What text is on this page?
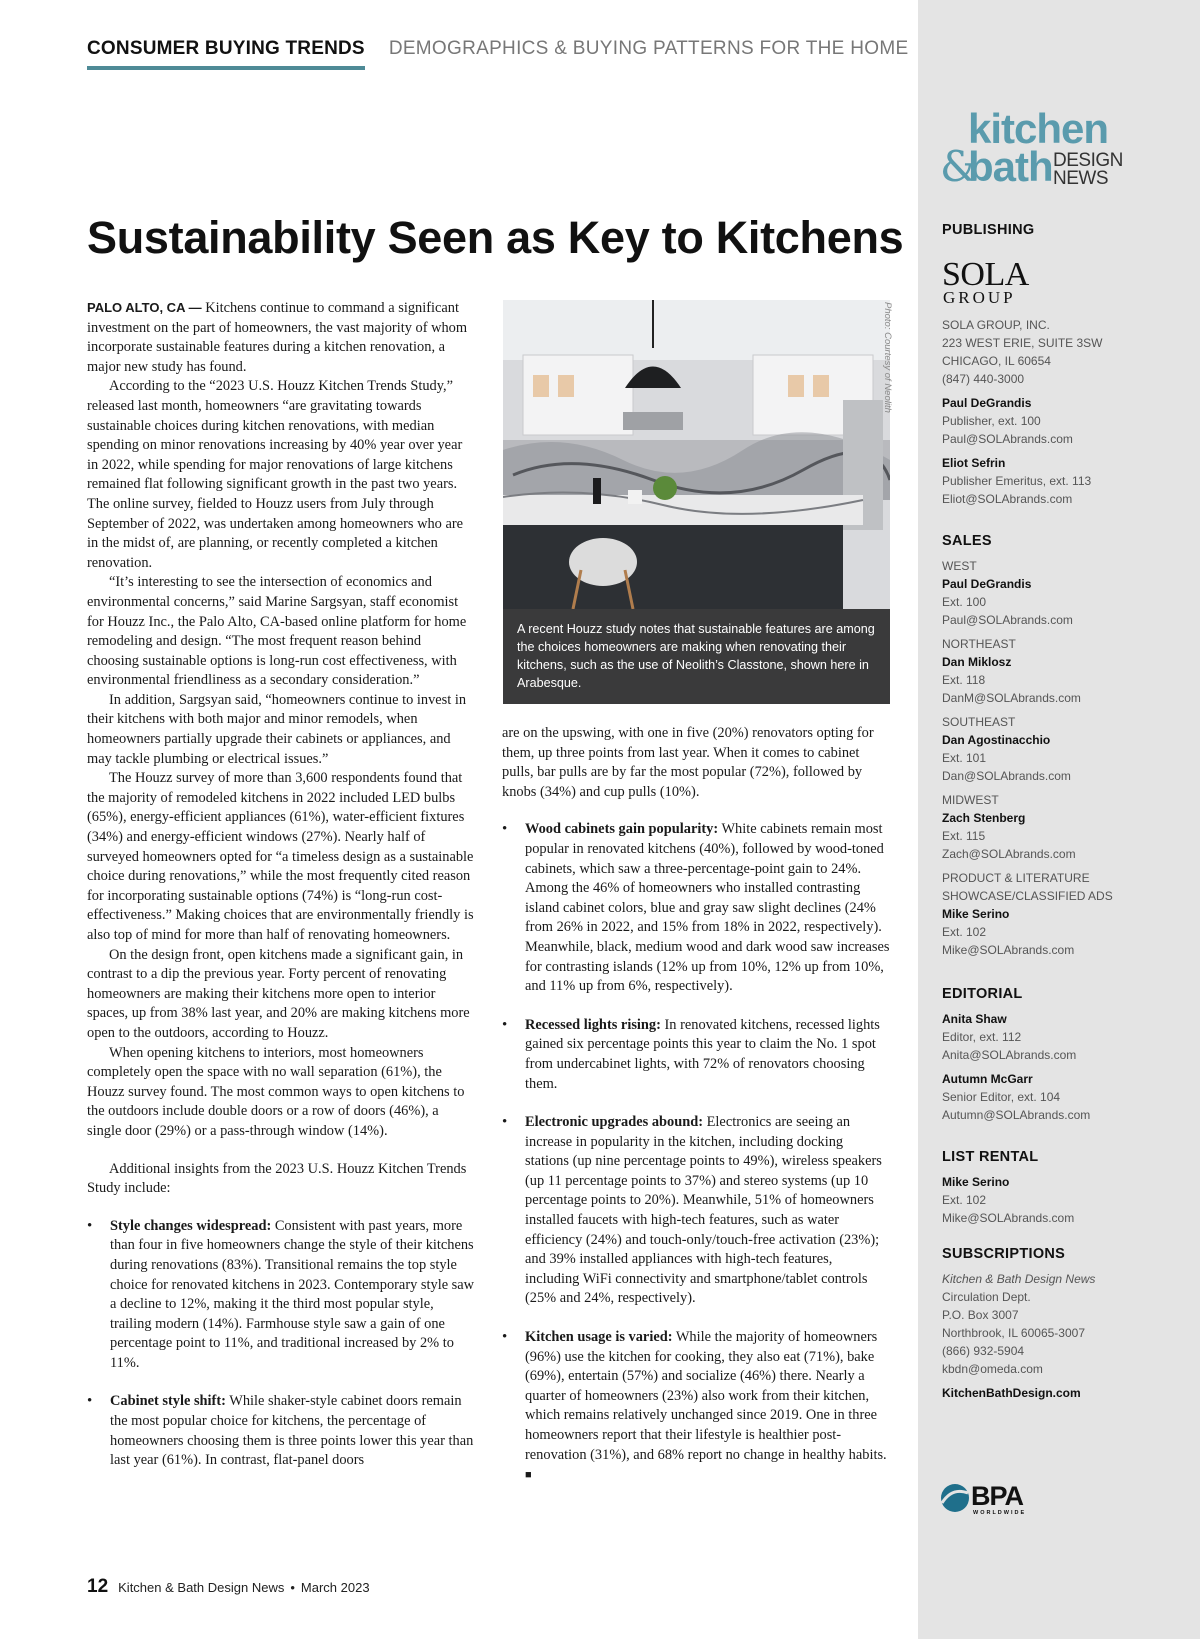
CONSUMER BUYING TRENDS DEMOGRAPHICS & BUYING PATTERNS FOR THE HOME
Sustainability Seen as Key to Kitchens

PALO ALTO, CA — Kitchens continue to command a significant investment on the part of homeowners, the vast majority of whom incorporate sustainable features during a kitchen renovation, a major new study has found.

According to the “2023 U.S. Houzz Kitchen Trends Study,” released last month, homeowners “are gravitating towards sustainable choices during kitchen renovations, with median spending on minor renovations increasing by 40% year over year in 2022, while spending for major renovations of large kitchens remained flat following significant growth in the past two years. The online survey, fielded to Houzz users from July through September of 2022, was undertaken among homeowners who are in the midst of, are planning, or recently completed a kitchen renovation.

“It’s interesting to see the intersection of economics and environmental concerns,” said Marine Sargsyan, staff economist for Houzz Inc., the Palo Alto, CA-based online platform for home remodeling and design. “The most frequent reason behind choosing sustainable options is long-run cost effectiveness, with environmental friendliness as a secondary consideration.”

In addition, Sargsyan said, “homeowners continue to invest in their kitchens with both major and minor remodels, when homeowners partially upgrade their cabinets or appliances, and may tackle plumbing or electrical issues.”

The Houzz survey of more than 3,600 respondents found that the majority of remodeled kitchens in 2022 included LED bulbs (65%), energy-efficient appliances (61%), water-efficient fixtures (34%) and energy-efficient windows (27%). Nearly half of surveyed homeowners opted for “a timeless design as a sustainable choice during renovations,” while the most frequently cited reason for incorporating sustainable options (74%) is “long-run cost-effectiveness.” Making choices that are environmentally friendly is also top of mind for more than half of renovating homeowners.

On the design front, open kitchens made a significant gain, in contrast to a dip the previous year. Forty percent of renovating homeowners are making their kitchens more open to interior spaces, up from 38% last year, and 20% are making kitchens more open to the outdoors, according to Houzz.

When opening kitchens to interiors, most homeowners completely open the space with no wall separation (61%), the Houzz survey found. The most common ways to open kitchens to the outdoors include double doors or a row of doors (46%), a single door (29%) or a pass-through window (14%).

Additional insights from the 2023 U.S. Houzz Kitchen Trends Study include:

• Style changes widespread: Consistent with past years, more than four in five homeowners change the style of their kitchens during renovations (83%). Transitional remains the top style choice for renovated kitchens in 2023. Contemporary style saw a decline to 12%, making it the third most popular style, trailing modern (14%). Farmhouse style saw a gain of one percentage point to 11%, and traditional increased by 2% to 11%.
• Cabinet style shift: While shaker-style cabinet doors remain the most popular choice for kitchens, the percentage of homeowners choosing them is three points lower this year than last year (61%). In contrast, flat-panel doors
A recent Houzz study notes that sustainable features are among the choices homeowners are making when renovating their kitchens, such as the use of Neolith’s Classtone, shown here in Arabesque.
Photo: Courtesy of Neolith

are on the upswing, with one in five (20%) renovators opting for them, up three points from last year. When it comes to cabinet pulls, bar pulls are by far the most popular (72%), followed by knobs (34%) and cup pulls (10%).

• Wood cabinets gain popularity: White cabinets remain most popular in renovated kitchens (40%), followed by wood-toned cabinets, which saw a three-percentage-point gain to 24%. Among the 46% of homeowners who installed contrasting island cabinet colors, blue and gray saw slight declines (24% from 26% in 2022, and 15% from 18% in 2022, respectively). Meanwhile, black, medium wood and dark wood saw increases for contrasting islands (12% up from 10%, 12% up from 10%, and 11% up from 6%, respectively).
• Recessed lights rising: In renovated kitchens, recessed lights gained six percentage points this year to claim the No. 1 spot from undercabinet lights, with 72% of renovators choosing them.
• Electronic upgrades abound: Electronics are seeing an increase in popularity in the kitchen, including docking stations (up nine percentage points to 49%), wireless speakers (up 11 percentage points to 37%) and stereo systems (up 10 percentage points to 20%). Meanwhile, 51% of homeowners installed faucets with high-tech features, such as water efficiency (24%) and touch-only/touch-free activation (23%); and 39% installed appliances with high-tech features, including WiFi connectivity and smartphone/tablet controls (25% and 24%, respectively).
• Kitchen usage is varied: While the majority of homeowners (96%) use the kitchen for cooking, they also eat (71%), bake (69%), entertain (57%) and socialize (46%) there. Nearly a quarter of homeowners (23%) also work from their kitchen, which remains relatively unchanged since 2019. One in three homeowners report that their lifestyle is healthier post-renovation (31%), and 68% report no change in healthy habits. ■
12 Kitchen & Bath Design News • March 2023
kitchen
&
bath DESIGN
NEWS
PUBLISHING
SOLA
GROUP
SOLA GROUP, INC.
223 WEST ERIE, SUITE 3SW
CHICAGO, IL 60654
(847) 440-3000
Paul DeGrandis
Publisher, ext. 100
Paul@SOLAbrands.com
Eliot Sefrin
Publisher Emeritus, ext. 113
Eliot@SOLAbrands.com
SALES
WEST
Paul DeGrandis
Ext. 100
Paul@SOLAbrands.com
NORTHEAST
Dan Miklosz
Ext. 118
DanM@SOLAbrands.com
SOUTHEAST
Dan Agostinacchio
Ext. 101
Dan@SOLAbrands.com
MIDWEST
Zach Stenberg
Ext. 115
Zach@SOLAbrands.com
PRODUCT & LITERATURE
SHOWCASE/CLASSIFIED ADS
Mike Serino
Ext. 102
Mike@SOLAbrands.com
EDITORIAL
Anita Shaw
Editor, ext. 112
Anita@SOLAbrands.com
Autumn McGarr
Senior Editor, ext. 104
Autumn@SOLAbrands.com
LIST RENTAL
Mike Serino
Ext. 102
Mike@SOLAbrands.com
SUBSCRIPTIONS
Kitchen & Bath Design News
Circulation Dept.
P.O. Box 3007
Northbrook, IL 60065-3007
(866) 932-5904
kbdn@omeda.com
KitchenBathDesign.com
BPA
WORLDWIDE
